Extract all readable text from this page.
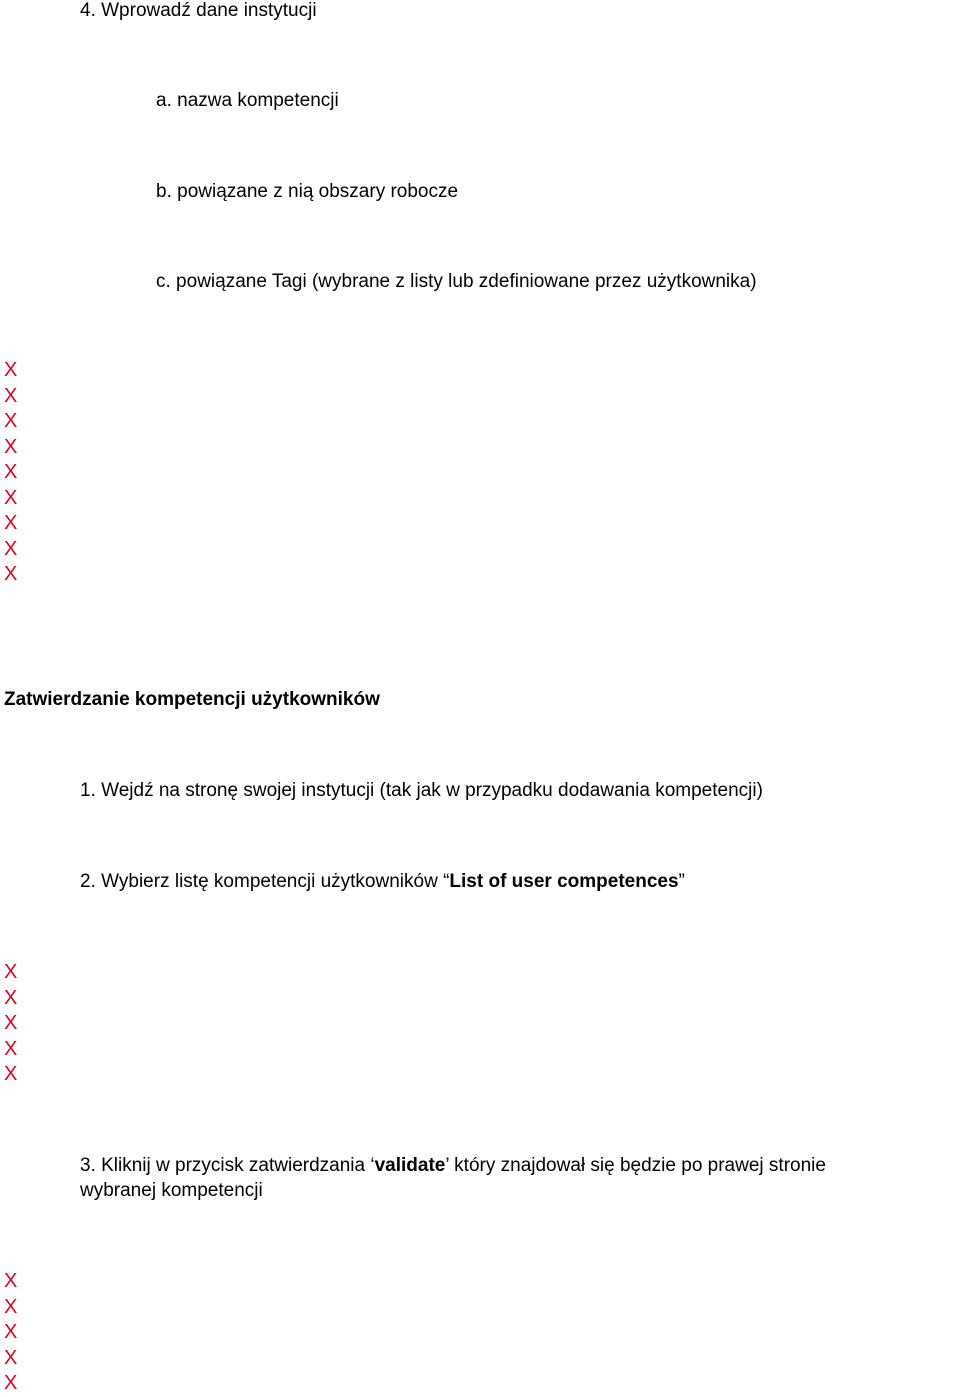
4. Wprowadź dane instytucji
a. nazwa kompetencji
b. powiązane z nią obszary robocze
c. powiązane Tagi (wybrane z listy lub zdefiniowane przez użytkownika)
X
X
X
X
X
X
X
X
X
Zatwierdzanie kompetencji użytkowników
1. Wejdź na stronę swojej instytucji (tak jak w przypadku dodawania kompetencji)
2. Wybierz listę kompetencji użytkowników “List of user competences”
X
X
X
X
X
3. Kliknij w przycisk zatwierdzania ‘validate’ który znajdował się będzie po prawej stronie
wybranej kompetencji
X
X
X
X
X
